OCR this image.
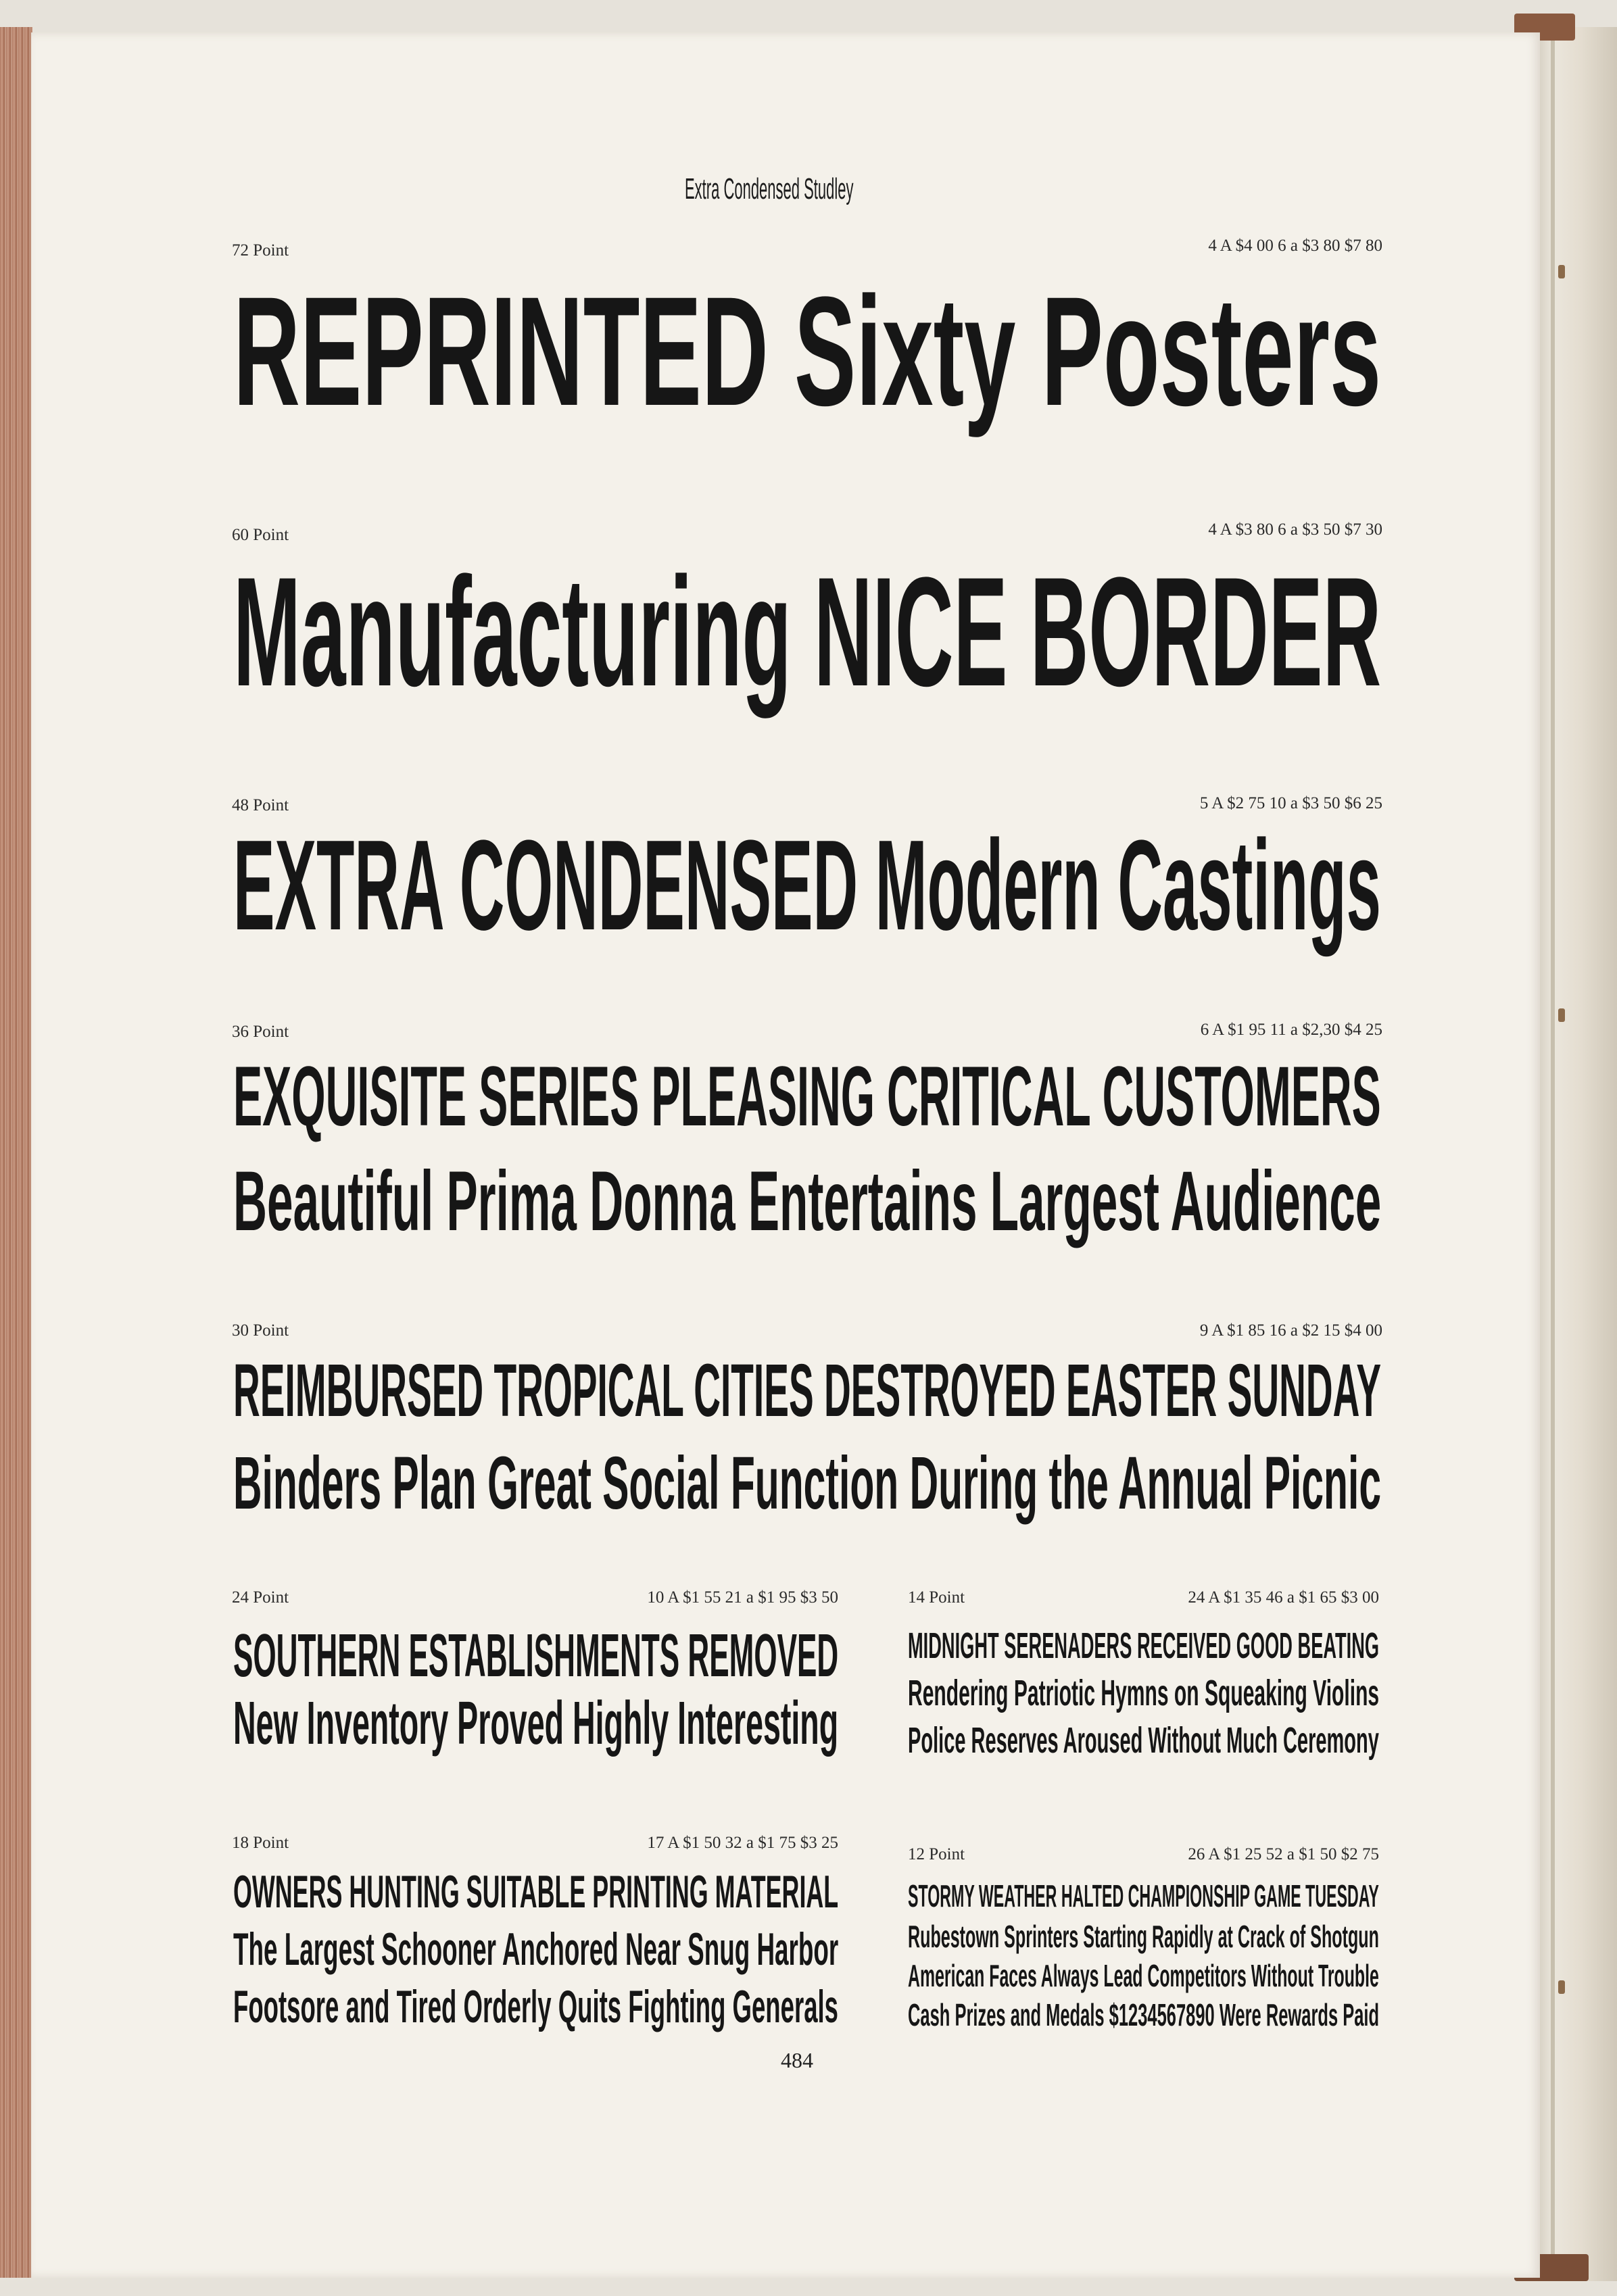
Extra Condensed Studley
72 Point	4 A $4 00 6 a $3 80 $7 80
REPRINTED Sixty Posters
60 Point	4 A $3 80 6 a $3 50 $7 30
Manufacturing NICE BORDER
48 Point	5 A $2 75 10 a $3 50 $6 25
EXTRA CONDENSED Modern Castings
36 Point	6 A $1 95 11 a $2,30 $4 25
EXQUISITE SERIES PLEASING CRITICAL CUSTOMERS
Beautiful Prima Donna Entertains Largest Audience
30 Point	9 A $1 85 16 a $2 15 $4 00
REIMBURSED TROPICAL CITIES DESTROYED EASTER SUNDAY
Binders Plan Great Social Function During the Annual Picnic
24 Point	10 A $1 55 21 a $1 95 $3 50
SOUTHERN ESTABLISHMENTS REMOVED
New Inventory Proved Highly Interesting
14 Point	24 A $1 35 46 a $1 65 $3 00
MIDNIGHT SERENADERS RECEIVED GOOD BEATING
Rendering Patriotic Hymns on Squeaking Violins
Police Reserves Aroused Without Much Ceremony
18 Point	17 A $1 50 32 a $1 75 $3 25
OWNERS HUNTING SUITABLE PRINTING MATERIAL
The Largest Schooner Anchored Near Snug Harbor
Footsore and Tired Orderly Quits Fighting Generals
12 Point	26 A $1 25 52 a $1 50 $2 75
STORMY WEATHER HALTED CHAMPIONSHIP GAME TUESDAY
Rubestown Sprinters Starting Rapidly at Crack of Shotgun
American Faces Always Lead Competitors Without Trouble
Cash Prizes and Medals $1234567890 Were Rewards Paid
484
